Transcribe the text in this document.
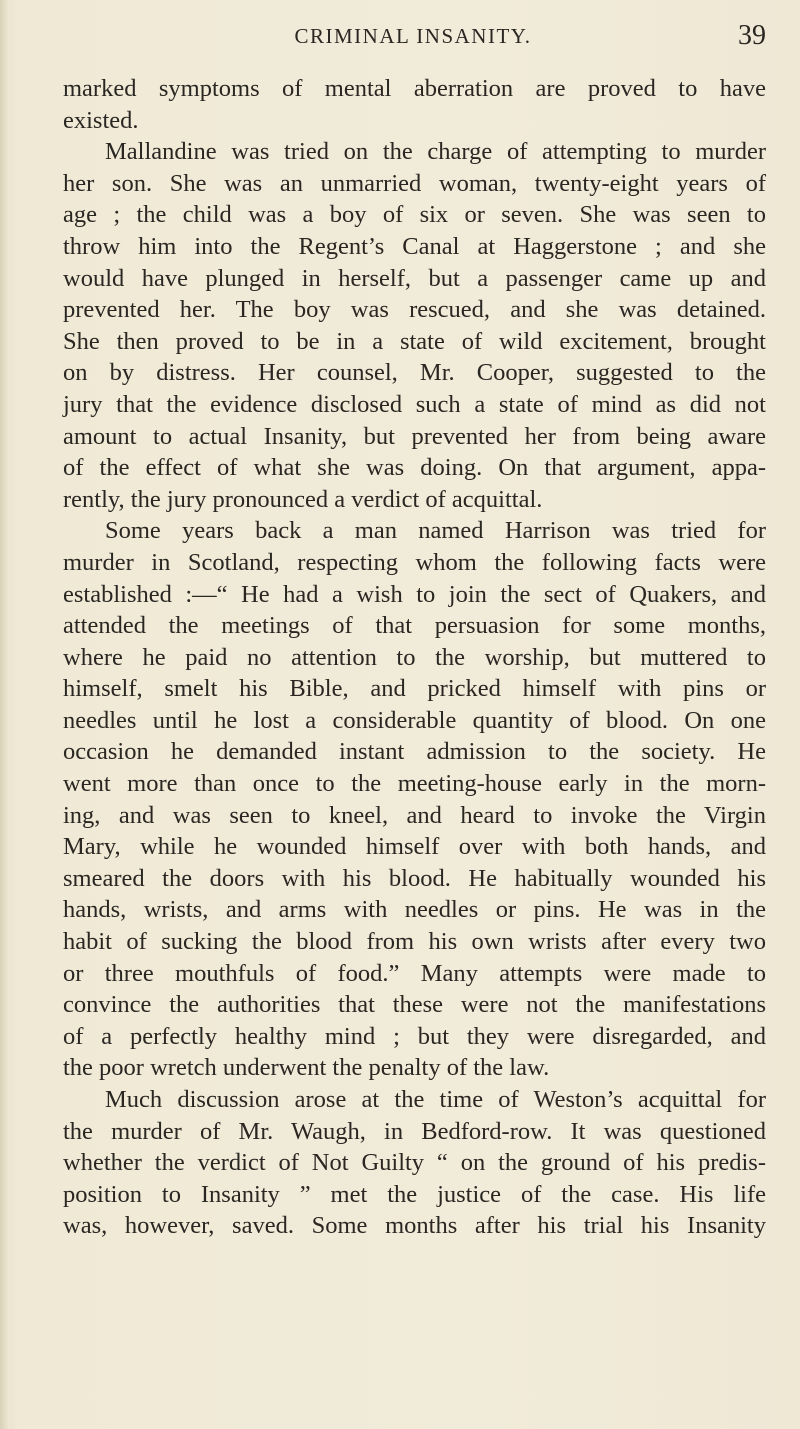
CRIMINAL INSANITY.	39
marked symptoms of mental aberration are proved to have
existed.
Mallandine was tried on the charge of attempting to murder
her son. She was an unmarried woman, twenty-eight years of
age ; the child was a boy of six or seven. She was seen to
throw him into the Regent’s Canal at Haggerstone ; and she
would have plunged in herself, but a passenger came up and
prevented her. The boy was rescued, and she was detained.
She then proved to be in a state of wild excitement, brought
on by distress. Her counsel, Mr. Cooper, suggested to the
jury that the evidence disclosed such a state of mind as did not
amount to actual Insanity, but prevented her from being aware
of the effect of what she was doing. On that argument, appa-
rently, the jury pronounced a verdict of acquittal.
Some years back a man named Harrison was tried for
murder in Scotland, respecting whom the following facts were
established :—“ He had a wish to join the sect of Quakers, and
attended the meetings of that persuasion for some months,
where he paid no attention to the worship, but muttered to
himself, smelt his Bible, and pricked himself with pins or
needles until he lost a considerable quantity of blood. On one
occasion he demanded instant admission to the society. He
went more than once to the meeting-house early in the morn-
ing, and was seen to kneel, and heard to invoke the Virgin
Mary, while he wounded himself over with both hands, and
smeared the doors with his blood. He habitually wounded his
hands, wrists, and arms with needles or pins. He was in the
habit of sucking the blood from his own wrists after every two
or three mouthfuls of food.” Many attempts were made to
convince the authorities that these were not the manifestations
of a perfectly healthy mind ; but they were disregarded, and
the poor wretch underwent the penalty of the law.
Much discussion arose at the time of Weston’s acquittal for
the murder of Mr. Waugh, in Bedford-row. It was questioned
whether the verdict of Not Guilty “ on the ground of his predis-
position to Insanity ” met the justice of the case. His life
was, however, saved. Some months after his trial his Insanity
